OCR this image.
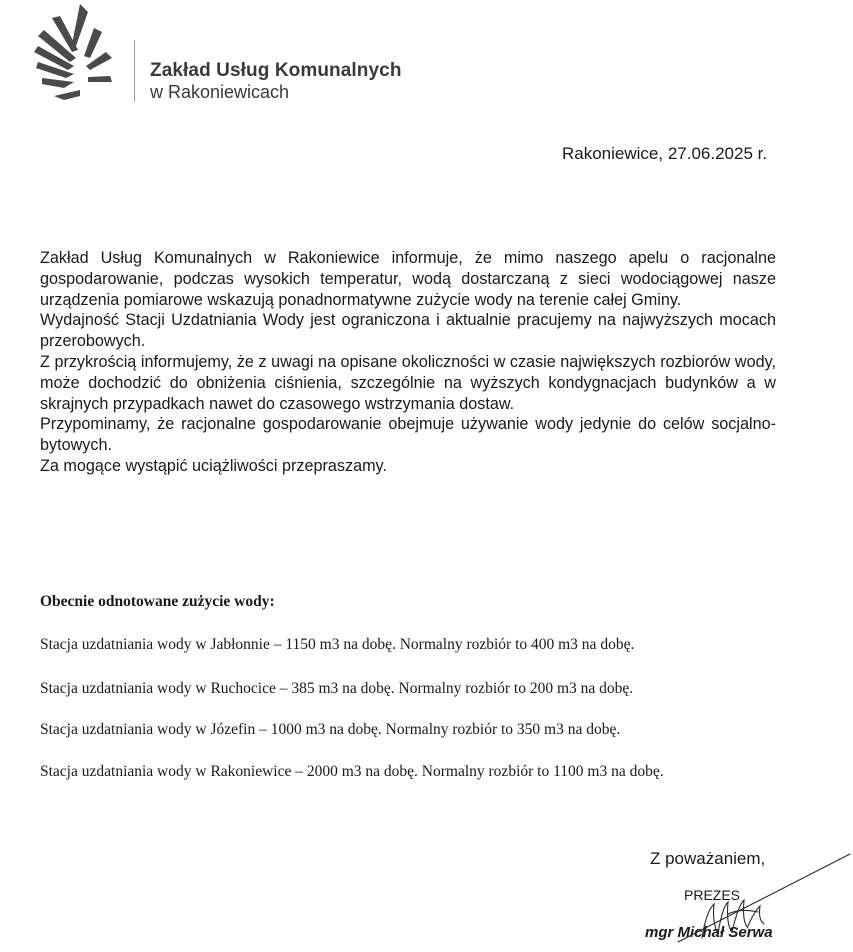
Zakład Usług Komunalnych
w Rakoniewicach
Rakoniewice, 27.06.2025 r.

Zakład Usług Komunalnych w Rakoniewice informuje, że mimo naszego apelu o racjonalne gospodarowanie, podczas wysokich temperatur, wodą dostarczaną z sieci wodociągowej nasze urządzenia pomiarowe wskazują ponadnormatywne zużycie wody na terenie całej Gminy.

Wydajność Stacji Uzdatniania Wody jest ograniczona i aktualnie pracujemy na najwyższych mocach przerobowych.

Z przykrością informujemy, że z uwagi na opisane okoliczności w czasie największych rozbiorów wody, może dochodzić do obniżenia ciśnienia, szczególnie na wyższych kondygnacjach budynków a w skrajnych przypadkach nawet do czasowego wstrzymania dostaw.

Przypominamy, że racjonalne gospodarowanie obejmuje używanie wody jedynie do celów socjalno-bytowych.

Za mogące wystąpić uciążliwości przepraszamy.

Obecnie odnotowane zużycie wody:
Stacja uzdatniania wody w Jabłonnie – 1150 m3 na dobę. Normalny rozbiór to 400 m3 na dobę.
Stacja uzdatniania wody w Ruchocice – 385 m3 na dobę. Normalny rozbiór to 200 m3 na dobę.
Stacja uzdatniania wody w Józefin – 1000 m3 na dobę. Normalny rozbiór to 350 m3 na dobę.
Stacja uzdatniania wody w Rakoniewice – 2000 m3 na dobę. Normalny rozbiór to 1100 m3 na dobę.
Z poważaniem,
PREZES
mgr Michał Serwa
